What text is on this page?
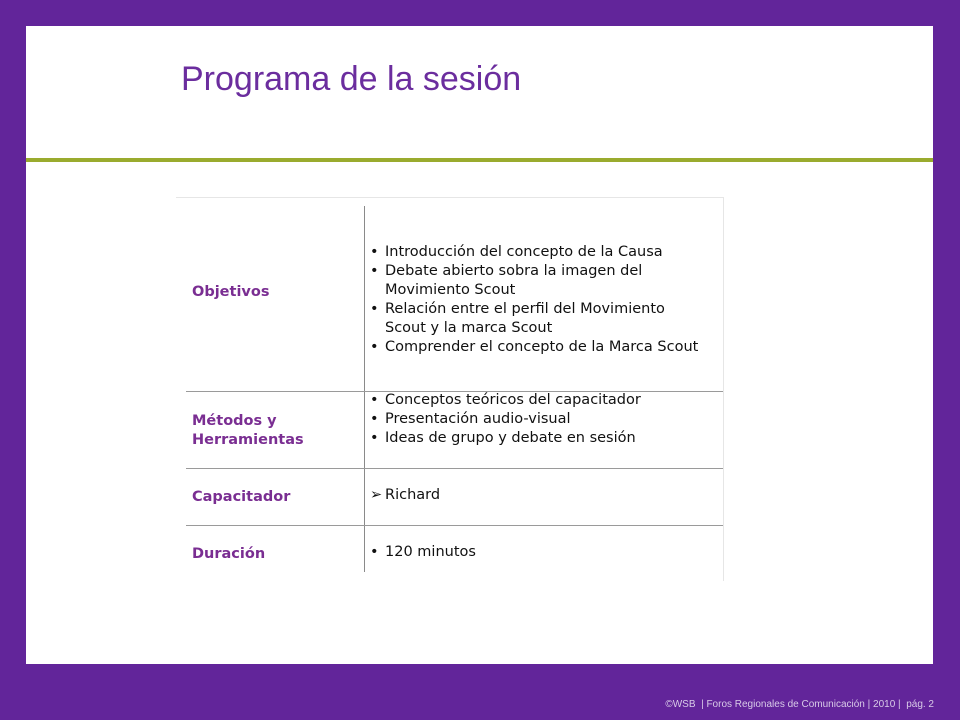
Programa de la sesión
Objetivos
• Introducción del concepto de la Causa
• Debate abierto sobra la imagen del
Movimiento Scout
• Relación entre el perfil del Movimiento
Scout y la marca Scout
• Comprender el concepto de la Marca Scout
Métodos y Herramientas
• Conceptos teóricos del capacitador
• Presentación audio-visual
• Ideas de grupo y debate en sesión
Capacitador	➢ Richard
Duración	• 120 minutos
©WSB  | Foros Regionales de Comunicación | 2010 |  pág. 2
